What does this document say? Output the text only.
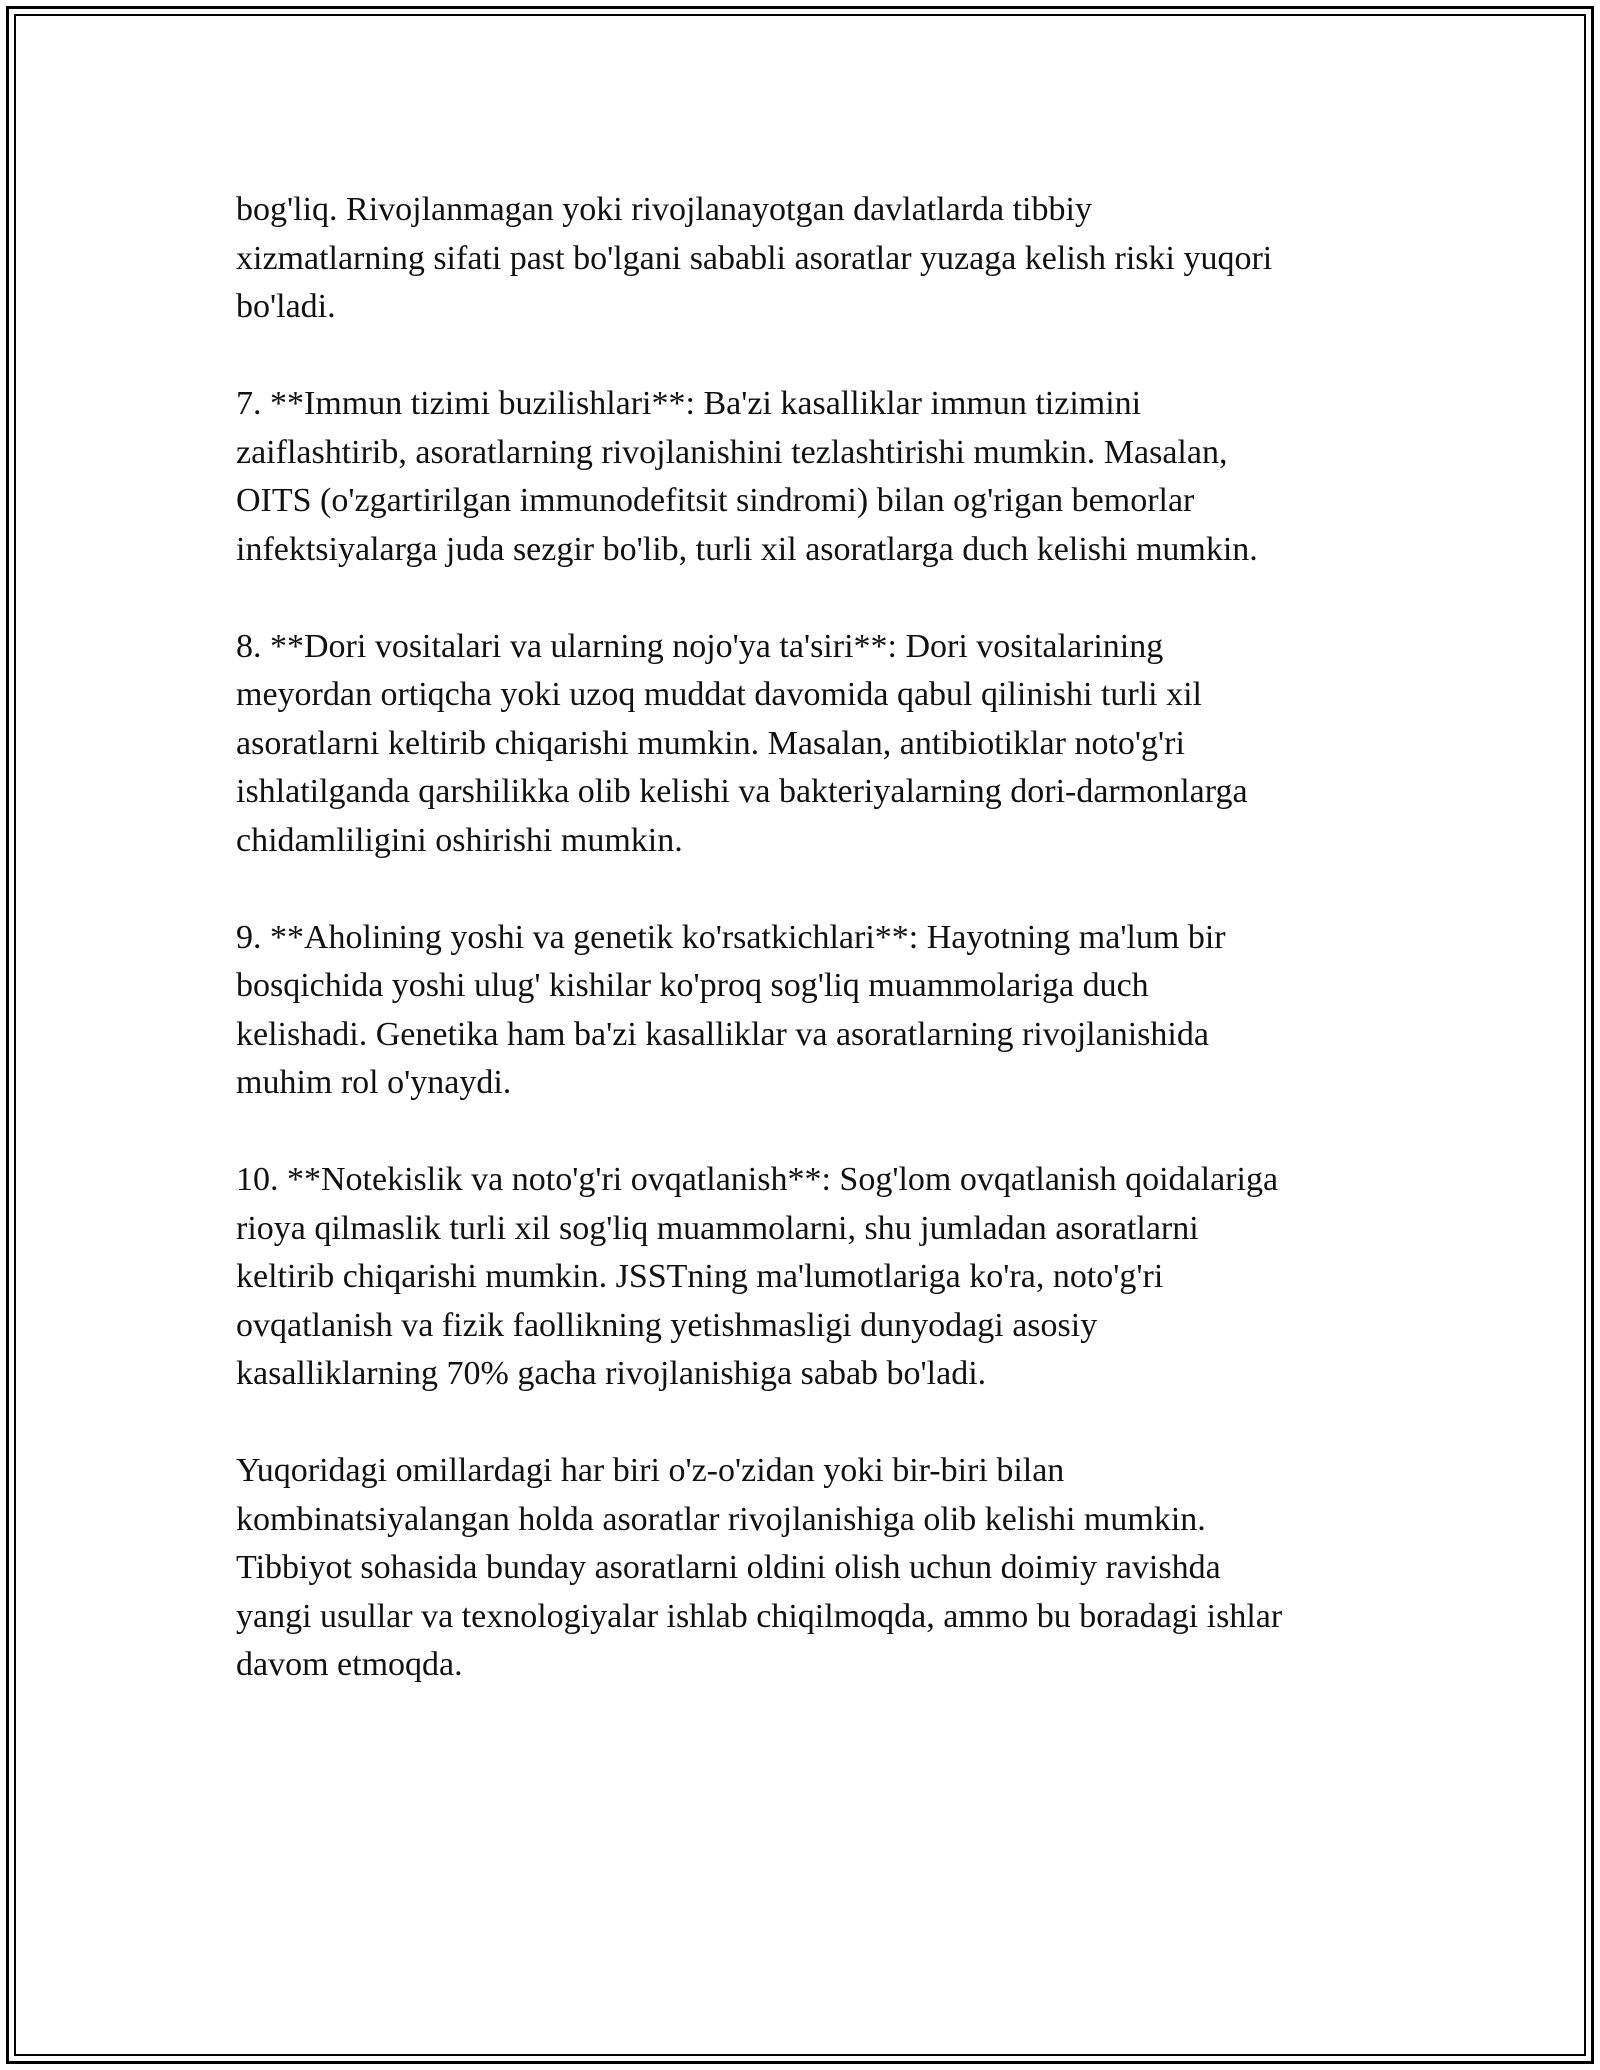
bog'liq. Rivojlanmagan yoki rivojlanayotgan davlatlarda tibbiy
xizmatlarning sifati past bo'lgani sababli asoratlar yuzaga kelish riski yuqori
bo'ladi.

7. **Immun tizimi buzilishlari**: Ba'zi kasalliklar immun tizimini
zaiflashtirib, asoratlarning rivojlanishini tezlashtirishi mumkin. Masalan,
OITS (o'zgartirilgan immunodefitsit sindromi) bilan og'rigan bemorlar
infektsiyalarga juda sezgir bo'lib, turli xil asoratlarga duch kelishi mumkin.

8. **Dori vositalari va ularning nojo'ya ta'siri**: Dori vositalarining
meyordan ortiqcha yoki uzoq muddat davomida qabul qilinishi turli xil
asoratlarni keltirib chiqarishi mumkin. Masalan, antibiotiklar noto'g'ri
ishlatilganda qarshilikka olib kelishi va bakteriyalarning dori-darmonlarga
chidamliligini oshirishi mumkin.

9. **Aholining yoshi va genetik ko'rsatkichlari**: Hayotning ma'lum bir
bosqichida yoshi ulug' kishilar ko'proq sog'liq muammolariga duch
kelishadi. Genetika ham ba'zi kasalliklar va asoratlarning rivojlanishida
muhim rol o'ynaydi.

10. **Notekislik va noto'g'ri ovqatlanish**: Sog'lom ovqatlanish qoidalariga
rioya qilmaslik turli xil sog'liq muammolarni, shu jumladan asoratlarni
keltirib chiqarishi mumkin. JSSTning ma'lumotlariga ko'ra, noto'g'ri
ovqatlanish va fizik faollikning yetishmasligi dunyodagi asosiy
kasalliklarning 70% gacha rivojlanishiga sabab bo'ladi.

Yuqoridagi omillardagi har biri o'z-o'zidan yoki bir-biri bilan
kombinatsiyalangan holda asoratlar rivojlanishiga olib kelishi mumkin.
Tibbiyot sohasida bunday asoratlarni oldini olish uchun doimiy ravishda
yangi usullar va texnologiyalar ishlab chiqilmoqda, ammo bu boradagi ishlar
davom etmoqda.
